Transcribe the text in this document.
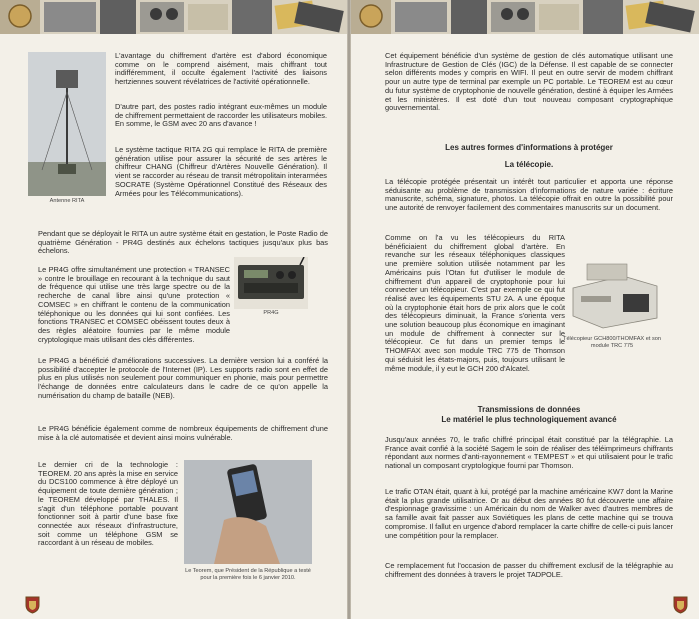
Antenne RITA

L'avantage du chiffrement d'artère est d'abord économique comme on le comprend aisément, mais chiffrant tout indifféremment, il occulte également l'activité des liaisons hertziennes souvent révélatrices de l'activité opérationnelle.

D'autre part, des postes radio intégrant eux-mêmes un module de chiffrement permettaient de raccorder les utilisateurs mobiles. En somme, le GSM avec 20 ans d'avance !

Le système tactique RITA 2G qui remplace le RITA de première génération utilise pour assurer la sécurité de ses artères le chiffreur CHANG (Chiffreur d'Artères Nouvelle Génération). Il vient se raccorder au réseau de transit métropolitain interarmées SOCRATE (Système Opérationnel Constitué des Réseaux des Armées pour les Télécommunications).

Pendant que se déployait le RITA un autre système était en gestation, le Poste Radio de quatrième Génération - PR4G destinés aux échelons tactiques jusqu'aux plus bas échelons.

PR4G

Le PR4G offre simultanément une protection « TRANSEC » contre le brouillage en recourant à la technique du saut de fréquence qui utilise une très large spectre ou de la recherche de canal libre ainsi qu'une protection « COMSEC » en chiffrant le contenu de la communication téléphonique ou les données qui lui sont confiées. Les fonctions TRANSEC et COMSEC obéissent toutes deux à des règles aléatoire fournies par le même module cryptologique mais utilisant des clés différentes.

Le PR4G a bénéficié d'améliorations successives. La dernière version lui a conféré la possibilité d'accepter le protocole de l'Internet (IP). Les supports radio sont en effet de plus en plus utilisés non seulement pour communiquer en phonie, mais pour permettre l'échange de données entre calculateurs dans le cadre de ce qu'on appelle la numérisation du champ de bataille (NEB).

Le PR4G bénéficie également comme de nombreux équipements de chiffrement d'une mise à la clé automatisée et devient ainsi moins vulnérable.

Le dernier cri de la technologie : TEOREM. 20 ans après la mise en service du DCS100 commence à être déployé un équipement de toute dernière génération ; le TEOREM développé par THALES. Il s'agit d'un téléphone portable pouvant fonctionner soit à partir d'une base fixe connectée aux réseaux d'infrastructure, soit comme un téléphone GSM se raccordant à un réseau de mobiles.

Le Teorem, que Président de la République a testé pour la première fois le 6 janvier 2010.

Cet équipement bénéficie d'un système de gestion de clés automatique utilisant une Infrastructure de Gestion de Clés (IGC) de la Défense. Il est capable de se connecter selon différents modes y compris en WIFI. Il peut en outre servir de modem chiffrant pour un autre type de terminal par exemple un PC portable. Le TEOREM est au cœur du futur système de cryptophonie de nouvelle génération, destiné à équiper les Armées et les ministères. Il est doté d'un tout nouveau composant cryptographique gouvernemental.

Les autres formes d'informations à protéger
La télécopie.

La télécopie protégée présentait un intérêt tout particulier et apporta une réponse séduisante au problème de transmission d'informations de nature variée : écriture manuscrite, schéma, signature, photos. La télécopie offrait en outre la possibilité pour une autorité de renvoyer facilement des commentaires manuscrits sur un document.

Télécopieur GCH800/THOMFAX et son module TRC 775

Comme on l'a vu les télécopieurs du RITA bénéficiaient du chiffrement global d'artère. En revanche sur les réseaux téléphoniques classiques une première solution utilisée notamment par les Américains puis l'Otan fut d'utiliser le module de chiffrement d'un appareil de cryptophonie pour lui connecter un télécopieur. C'est par exemple ce qui fut réalisé avec les équipements STU 2A. A une époque où la cryptophonie était hors de prix alors que le coût des télécopieurs diminuait, la France s'orienta vers une solution beaucoup plus économique en imaginant un module de chiffrement à connecter sur le télécopieur. Ce fut dans un premier temps le THOMFAX avec son module TRC 775 de Thomson qui séduisit les états-majors, puis, toujours utilisant le même module, il y eut le GCH 200 d'Alcatel.

Transmissions de données
Le matériel le plus technologiquement avancé

Jusqu'aux années 70, le trafic chiffré principal était constitué par la télégraphie. La France avait confié à la société Sagem le soin de réaliser des téléimprimeurs chiffrants répondant aux normes d'anti-rayonnement « TEMPEST » et qui utilisaient pour le trafic national un composant cryptologique fourni par Thomson.

Le trafic OTAN était, quant à lui, protégé par la machine américaine KW7 dont la Marine était la plus grande utilisatrice. Or au début des années 80 fut découverte une affaire d'espionnage gravissime : un Américain du nom de Walker avec d'autres membres de sa famille avait fait passer aux Soviétiques les plans de cette machine qui se trouva compromise. Il fallut en urgence d'abord remplacer la carte chiffre de celle-ci puis lancer une compétition pour la remplacer.

Ce remplacement fut l'occasion de passer du chiffrement exclusif de la télégraphie au chiffrement des données à travers le projet TADPOLE.
